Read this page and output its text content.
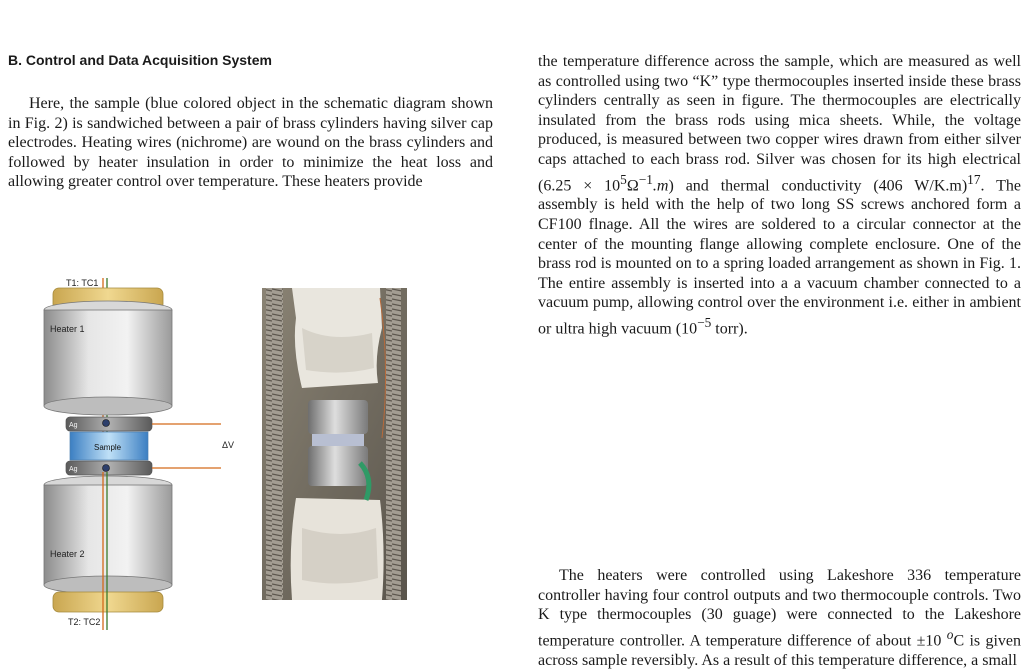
B. Control and Data Acquisition System

Here, the sample (blue colored object in the schematic diagram shown in Fig. 2) is sandwiched between a pair of brass cylinders having silver cap electrodes. Heating wires (nichrome) are wound on the brass cylinders and followed by heater insulation in order to minimize the heat loss and allowing greater control over temperature. These heaters provide

T1: TC1
Heater 1
Ag
Sample	ΔV
Ag
Heater 2
T2: TC2

the temperature difference across the sample, which are measured as well as controlled using two “K” type thermocouples inserted inside these brass cylinders centrally as seen in figure. The thermocouples are electrically insulated from the brass rods using mica sheets. While, the voltage produced, is measured between two copper wires drawn from either silver caps attached to each brass rod. Silver was chosen for its high electrical $(6.25 \times 10^5\Omega^{-1}.m)$ and thermal conductivity (406 W/K.m)$^{17}$. The assembly is held with the help of two long SS screws anchored form a CF100 flnage. All the wires are soldered to a circular connector at the center of the mounting flange allowing complete enclosure. One of the brass rod is mounted on to a spring loaded arrangement as shown in Fig. 1. The entire assembly is inserted into a a vacuum chamber connected to a vacuum pump, allowing control over the environment i.e. either in ambient or ultra high vacuum ($10^{-5}$ torr).

The heaters were controlled using Lakeshore 336 temperature controller having four control outputs and two thermocouple controls. Two K type thermocouples (30 guage) were connected to the Lakeshore temperature controller. A temperature difference of about ±10 $^o$C is given across sample reversibly. As a result of this temperature difference, a small
